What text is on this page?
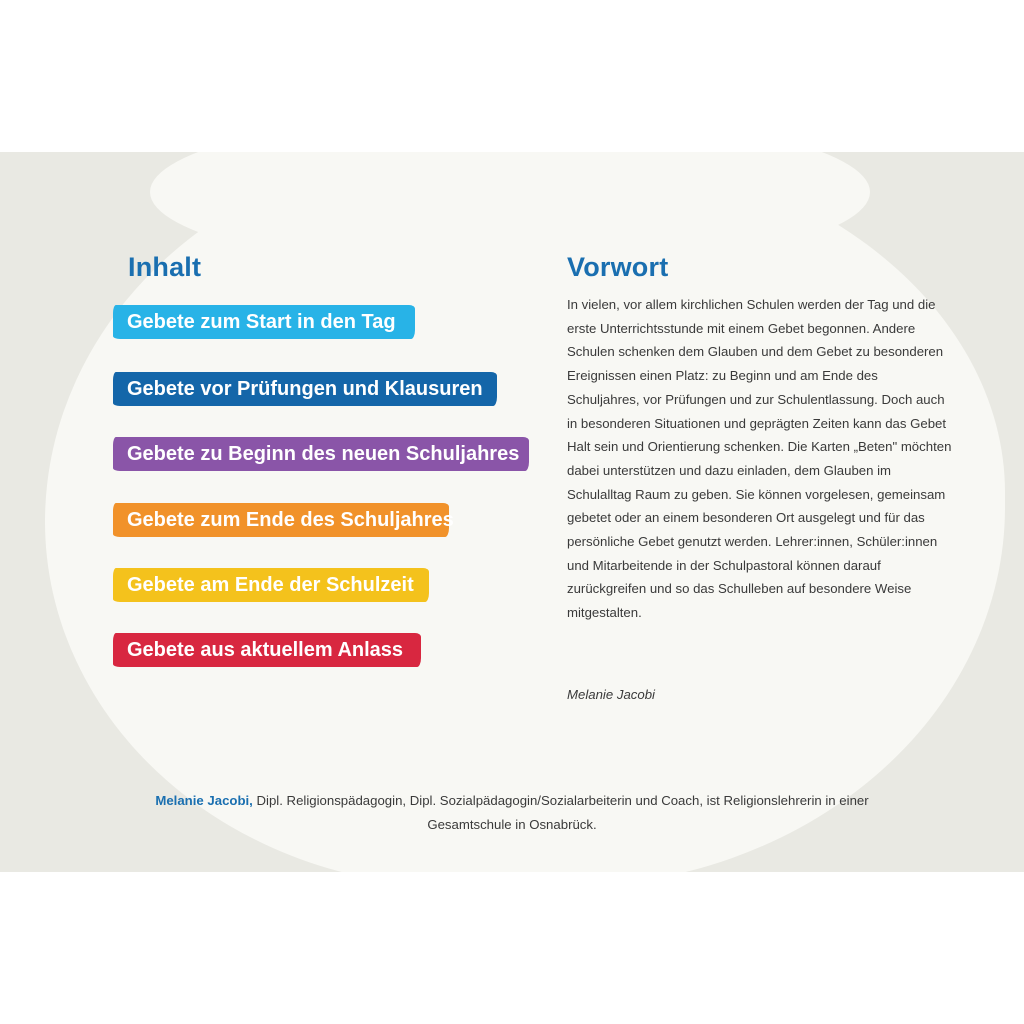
Inhalt
Gebete zum Start in den Tag
Gebete vor Prüfungen und Klausuren
Gebete zu Beginn des neuen Schuljahres
Gebete zum Ende des Schuljahres
Gebete am Ende der Schulzeit
Gebete aus aktuellem Anlass
Vorwort

In vielen, vor allem kirchlichen Schulen werden der Tag und die erste Unterrichtsstunde mit einem Gebet begonnen. Andere Schulen schenken dem Glauben und dem Gebet zu besonderen Ereignissen einen Platz: zu Beginn und am Ende des Schuljahres, vor Prüfungen und zur Schulentlassung. Doch auch in besonderen Situationen und geprägten Zeiten kann das Gebet Halt sein und Orientierung schenken. Die Karten „Beten" möchten dabei unterstützen und dazu einladen, dem Glauben im Schulalltag Raum zu geben. Sie können vorgelesen, gemeinsam gebetet oder an einem besonderen Ort ausgelegt und für das persönliche Gebet genutzt werden. Lehrer:innen, Schüler:innen und Mitarbeitende in der Schulpastoral können darauf zurückgreifen und so das Schulleben auf besondere Weise mitgestalten.

Melanie Jacobi

Melanie Jacobi, Dipl. Religionspädagogin, Dipl. Sozialpädagogin/Sozialarbeiterin und Coach, ist Religionslehrerin in einer Gesamtschule in Osnabrück.
